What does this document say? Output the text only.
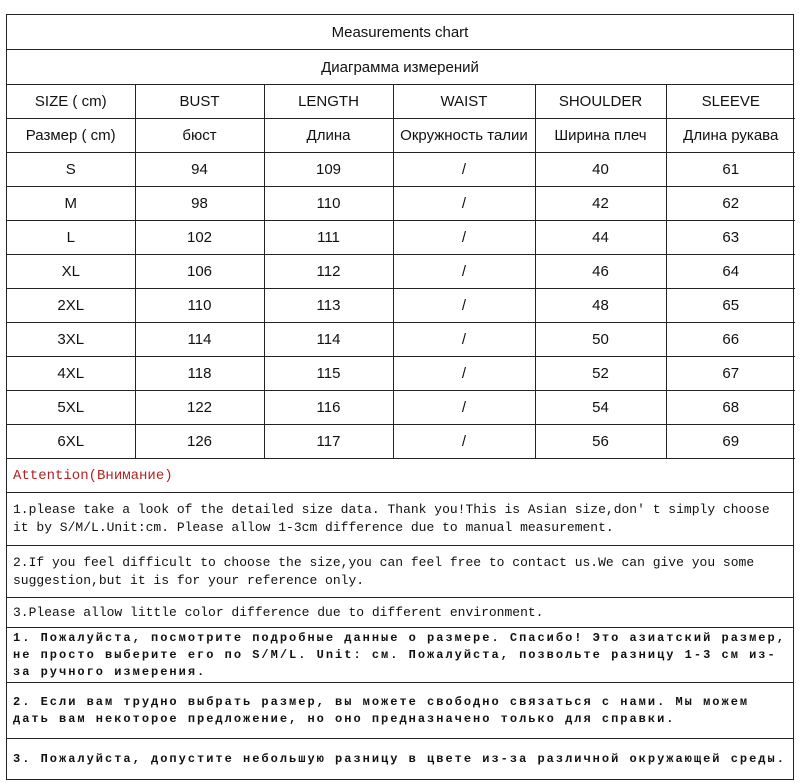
Measurements chart
Диаграмма измерений
SIZE ( cm)	BUST	LENGTH	WAIST	SHOULDER	SLEEVE
Размер ( cm)	бюст	Длина	Окружность талии	Ширина плеч	Длина рукава
S	94	109	/	40	61
M	98	110	/	42	62
L	102	111	/	44	63
XL	106	112	/	46	64
2XL	110	113	/	48	65
3XL	114	114	/	50	66
4XL	118	115	/	52	67
5XL	122	116	/	54	68
6XL	126	117	/	56	69
Attention(Внимание)
1.please take a look of the detailed size data. Thank you!This is Asian size,don' t simply choose it by S/M/L.Unit:cm. Please allow 1-3cm difference due to manual measurement.
2.If you feel difficult to choose the size,you can feel free to contact us.We can give you some suggestion,but it is for your reference only.
3.Please allow little color difference due to different environment.
1. Пожалуйста, посмотрите подробные данные о размере. Спасибо! Это азиатский размер, не просто выберите его по S/M/L. Unit: см. Пожалуйста, позвольте разницу 1-3 см из-за ручного измерения.
2. Если вам трудно выбрать размер, вы можете свободно связаться с нами. Мы можем дать вам некоторое предложение, но оно предназначено только для справки.
3. Пожалуйста, допустите небольшую разницу в цвете из-за различной окружающей среды.
